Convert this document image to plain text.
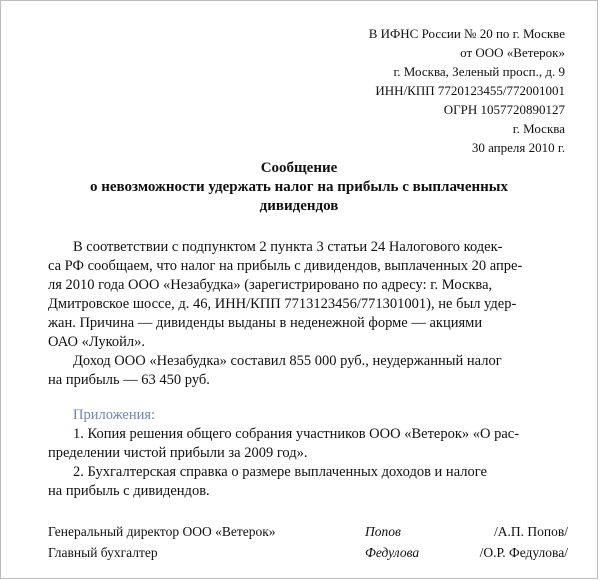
В ИФНС России № 20 по г. Москве
от ООО «Ветерок»
г. Москва, Зеленый просп., д. 9
ИНН/КПП 7720123455/772001001
ОГРН 1057720890127
г. Москва
30 апреля 2010 г.
Сообщение
о невозможности удержать налог на прибыль с выплаченных
дивидендов
В соответствии с подпунктом 2 пункта 3 статьи 24 Налогового кодек-
са РФ сообщаем, что налог на прибыль с дивидендов, выплаченных 20 апре-
ля 2010 года ООО «Незабудка» (зарегистрировано по адресу: г. Москва,
Дмитровское шоссе, д. 46, ИНН/КПП 7713123456/771301001), не был удер-
жан. Причина — дивиденды выданы в неденежной форме — акциями
ОАО «Лукойл».
Доход ООО «Незабудка» составил 855 000 руб., неудержанный налог
на прибыль — 63 450 руб.
Приложения:
1. Копия решения общего собрания участников ООО «Ветерок» «О рас-
пределении чистой прибыли за 2009 год».
2. Бухгалтерская справка о размере выплаченных доходов и налоге
на прибыль с дивидендов.
Генеральный директор ООО «Ветерок»	Попов	/А.П. Попов/
Главный бухгалтер	Федулова	/О.Р. Федулова/
